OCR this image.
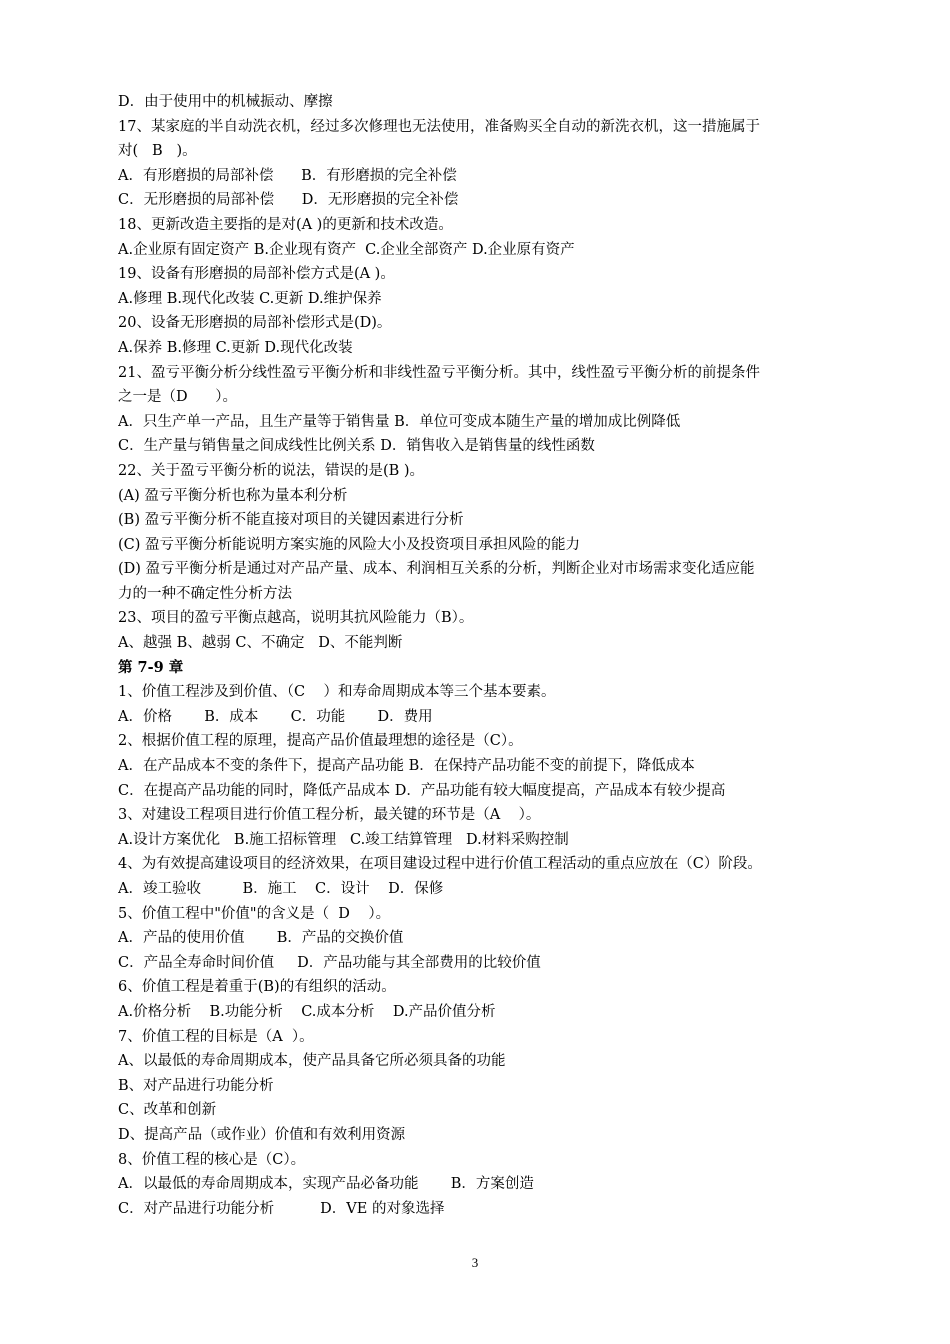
D．由于使用中的机械振动、摩擦
17、某家庭的半自动洗衣机，经过多次修理也无法使用，准备购买全自动的新洗衣机，这一措施属于
对(   B   )。
A．有形磨损的局部补偿      B．有形磨损的完全补偿
C．无形磨损的局部补偿      D．无形磨损的完全补偿
18、更新改造主要指的是对(A )的更新和技术改造。
A.企业原有固定资产 B.企业现有资产  C.企业全部资产 D.企业原有资产
19、设备有形磨损的局部补偿方式是(A )。
A.修理 B.现代化改装 C.更新 D.维护保养
20、设备无形磨损的局部补偿形式是(D)。
A.保养 B.修理 C.更新 D.现代化改装
21、盈亏平衡分析分线性盈亏平衡分析和非线性盈亏平衡分析。其中，线性盈亏平衡分析的前提条件
之一是（D      ）。
A．只生产单一产品，且生产量等于销售量 B．单位可变成本随生产量的增加成比例降低
C．生产量与销售量之间成线性比例关系 D．销售收入是销售量的线性函数
22、关于盈亏平衡分析的说法，错误的是(B )。
(A) 盈亏平衡分析也称为量本利分析
(B) 盈亏平衡分析不能直接对项目的关键因素进行分析
(C) 盈亏平衡分析能说明方案实施的风险大小及投资项目承担风险的能力
(D) 盈亏平衡分析是通过对产品产量、成本、利润相互关系的分析，判断企业对市场需求变化适应能
力的一种不确定性分析方法
23、项目的盈亏平衡点越高，说明其抗风险能力（B）。
A、越强 B、越弱 C、不确定   D、不能判断
第 7-9 章
1、价值工程涉及到价值、（C    ）和寿命周期成本等三个基本要素。
A．价格       B．成本       C．功能       D．费用
2、根据价值工程的原理，提高产品价值最理想的途径是（C）。
A．在产品成本不变的条件下，提高产品功能 B．在保持产品功能不变的前提下，降低成本
C．在提高产品功能的同时，降低产品成本 D．产品功能有较大幅度提高，产品成本有较少提高
3、对建设工程项目进行价值工程分析，最关键的环节是（A    ）。
A.设计方案优化   B.施工招标管理   C.竣工结算管理   D.材料采购控制
4、为有效提高建设项目的经济效果，在项目建设过程中进行价值工程活动的重点应放在（C）阶段。
A．竣工验收         B．施工    C．设计    D．保修
5、价值工程中"价值"的含义是（  D    ）。
A．产品的使用价值       B．产品的交换价值
C．产品全寿命时间价值     D．产品功能与其全部费用的比较价值
6、价值工程是着重于(B)的有组织的活动。
A.价格分析    B.功能分析    C.成本分析    D.产品价值分析
7、价值工程的目标是（A  ）。
A、以最低的寿命周期成本，使产品具备它所必须具备的功能
B、对产品进行功能分析
C、改革和创新
D、提高产品（或作业）价值和有效利用资源
8、价值工程的核心是（C）。
A．以最低的寿命周期成本，实现产品必备功能       B．方案创造
C．对产品进行功能分析          D．VE 的对象选择
3
